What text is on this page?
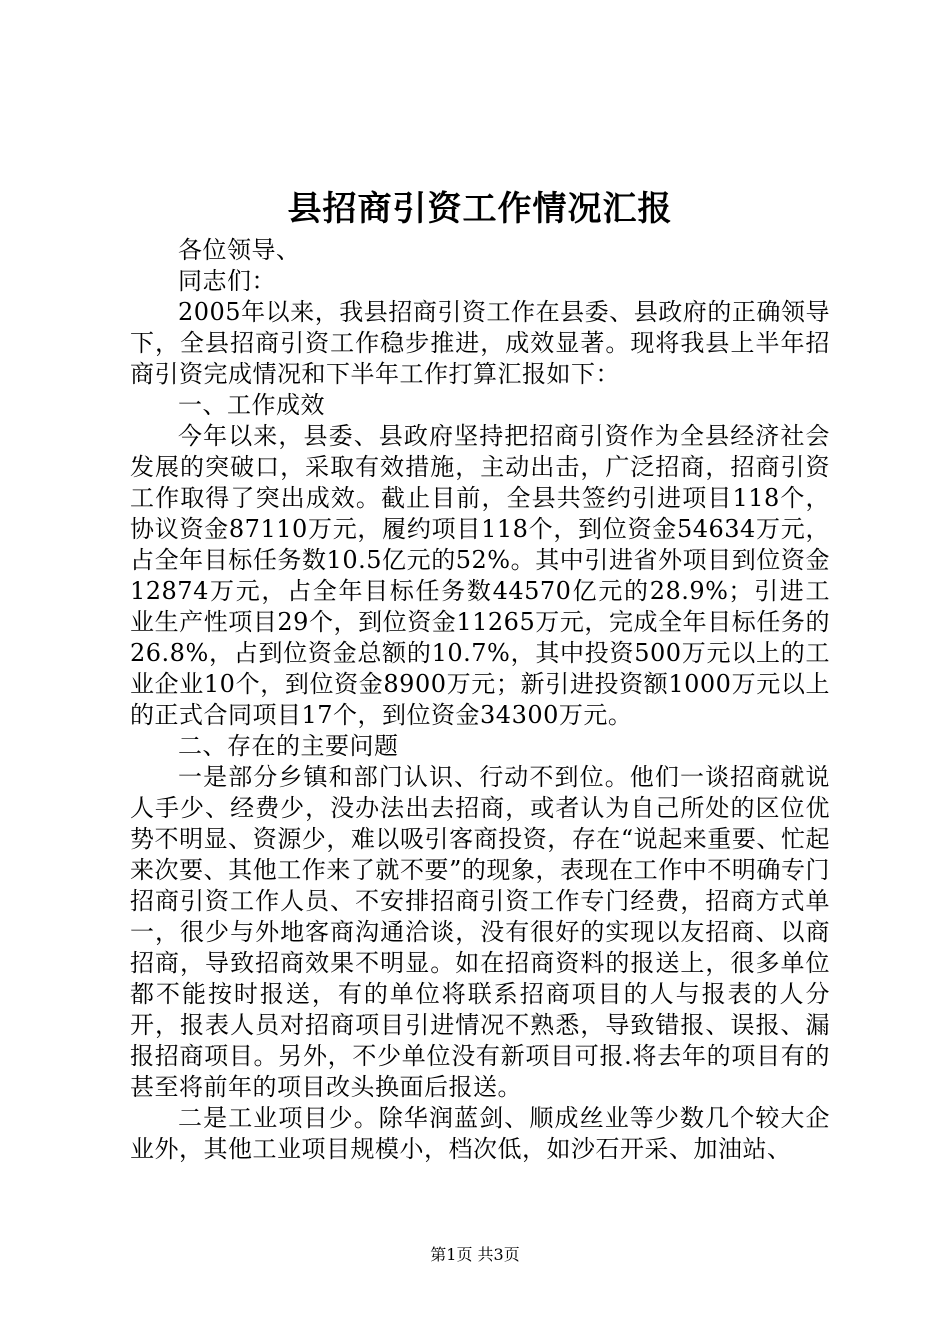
县招商引资工作情况汇报

各位领导、

同志们：

2005年以来，我县招商引资工作在县委、县政府的正确领导下，全县招商引资工作稳步推进，成效显著。现将我县上半年招商引资完成情况和下半年工作打算汇报如下：

一、工作成效

今年以来，县委、县政府坚持把招商引资作为全县经济社会发展的突破口，采取有效措施，主动出击，广泛招商，招商引资工作取得了突出成效。截止目前，全县共签约引进项目118个，协议资金87110万元，履约项目118个，到位资金54634万元，占全年目标任务数10.5亿元的52%。其中引进省外项目到位资金12874万元，占全年目标任务数44570亿元的28.9%；引进工业生产性项目29个，到位资金11265万元，完成全年目标任务的26.8%，占到位资金总额的10.7%，其中投资500万元以上的工业企业10个，到位资金8900万元；新引进投资额1000万元以上的正式合同项目17个，到位资金34300万元。

二、存在的主要问题

一是部分乡镇和部门认识、行动不到位。他们一谈招商就说人手少、经费少，没办法出去招商，或者认为自己所处的区位优势不明显、资源少，难以吸引客商投资，存在“说起来重要、忙起来次要、其他工作来了就不要”的现象，表现在工作中不明确专门招商引资工作人员、不安排招商引资工作专门经费，招商方式单一，很少与外地客商沟通洽谈，没有很好的实现以友招商、以商招商，导致招商效果不明显。如在招商资料的报送上，很多单位都不能按时报送，有的单位将联系招商项目的人与报表的人分开，报表人员对招商项目引进情况不熟悉，导致错报、误报、漏报招商项目。另外，不少单位没有新项目可报.将去年的项目有的甚至将前年的项目改头换面后报送。

二是工业项目少。除华润蓝剑、顺成丝业等少数几个较大企业外，其他工业项目规模小，档次低，如沙石开采、加油站、

第1页 共3页
